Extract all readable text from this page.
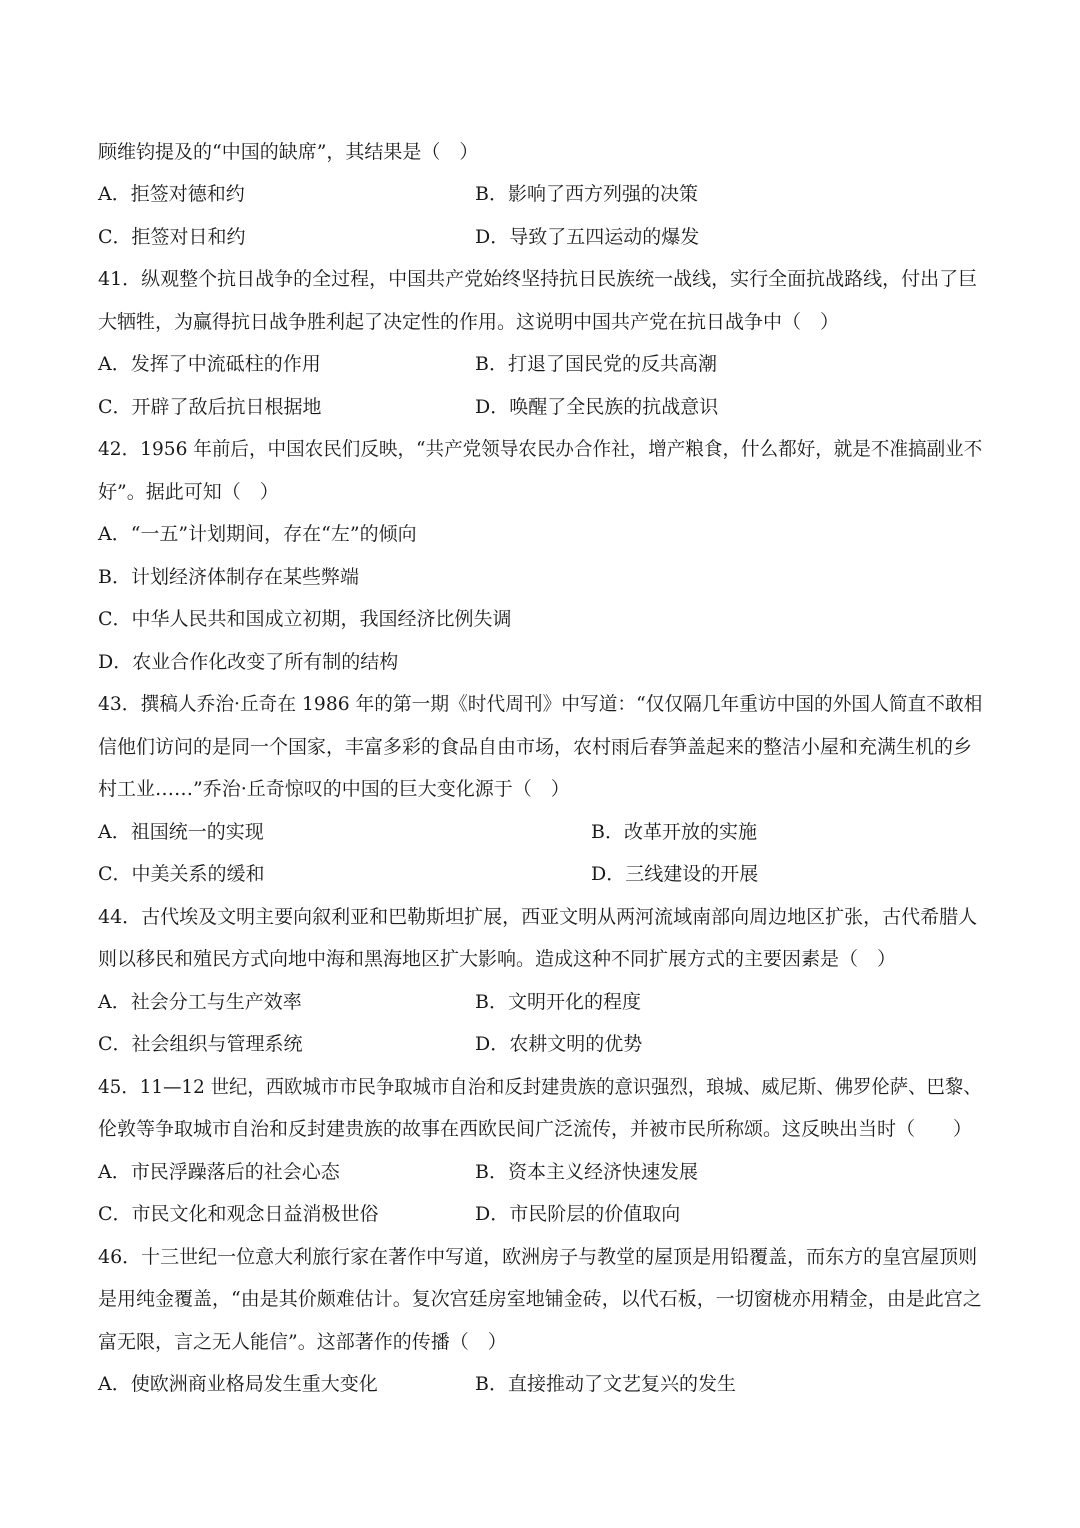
顾维钧提及的“中国的缺席”，其结果是（　）
A．拒签对德和约	B．影响了西方列强的决策
C．拒签对日和约	D．导致了五四运动的爆发
41．纵观整个抗日战争的全过程，中国共产党始终坚持抗日民族统一战线，实行全面抗战路线，付出了巨
大牺牲，为赢得抗日战争胜利起了决定性的作用。这说明中国共产党在抗日战争中（　）
A．发挥了中流砥柱的作用	B．打退了国民党的反共高潮
C．开辟了敌后抗日根据地	D．唤醒了全民族的抗战意识
42．1956 年前后，中国农民们反映，“共产党领导农民办合作社，增产粮食，什么都好，就是不准搞副业不
好”。据此可知（　）
A．“一五”计划期间，存在“左”的倾向
B．计划经济体制存在某些弊端
C．中华人民共和国成立初期，我国经济比例失调
D．农业合作化改变了所有制的结构
43．撰稿人乔治·丘奇在 1986 年的第一期《时代周刊》中写道：“仅仅隔几年重访中国的外国人简直不敢相
信他们访问的是同一个国家，丰富多彩的食品自由市场，农村雨后春笋盖起来的整洁小屋和充满生机的乡
村工业……”乔治·丘奇惊叹的中国的巨大变化源于（　）
A．祖国统一的实现	B．改革开放的实施
C．中美关系的缓和	D．三线建设的开展
44．古代埃及文明主要向叙利亚和巴勒斯坦扩展，西亚文明从两河流域南部向周边地区扩张，古代希腊人
则以移民和殖民方式向地中海和黑海地区扩大影响。造成这种不同扩展方式的主要因素是（　）
A．社会分工与生产效率	B．文明开化的程度
C．社会组织与管理系统	D．农耕文明的优势
45．11—12 世纪，西欧城市市民争取城市自治和反封建贵族的意识强烈，琅城、威尼斯、佛罗伦萨、巴黎、
伦敦等争取城市自治和反封建贵族的故事在西欧民间广泛流传，并被市民所称颂。这反映出当时（　　）
A．市民浮躁落后的社会心态	B．资本主义经济快速发展
C．市民文化和观念日益消极世俗	D．市民阶层的价值取向
46．十三世纪一位意大利旅行家在著作中写道，欧洲房子与教堂的屋顶是用铅覆盖，而东方的皇宫屋顶则
是用纯金覆盖，“由是其价颇难估计。复次宫廷房室地铺金砖，以代石板，一切窗栊亦用精金，由是此宫之
富无限，言之无人能信”。这部著作的传播（　）
A．使欧洲商业格局发生重大变化	B．直接推动了文艺复兴的发生
